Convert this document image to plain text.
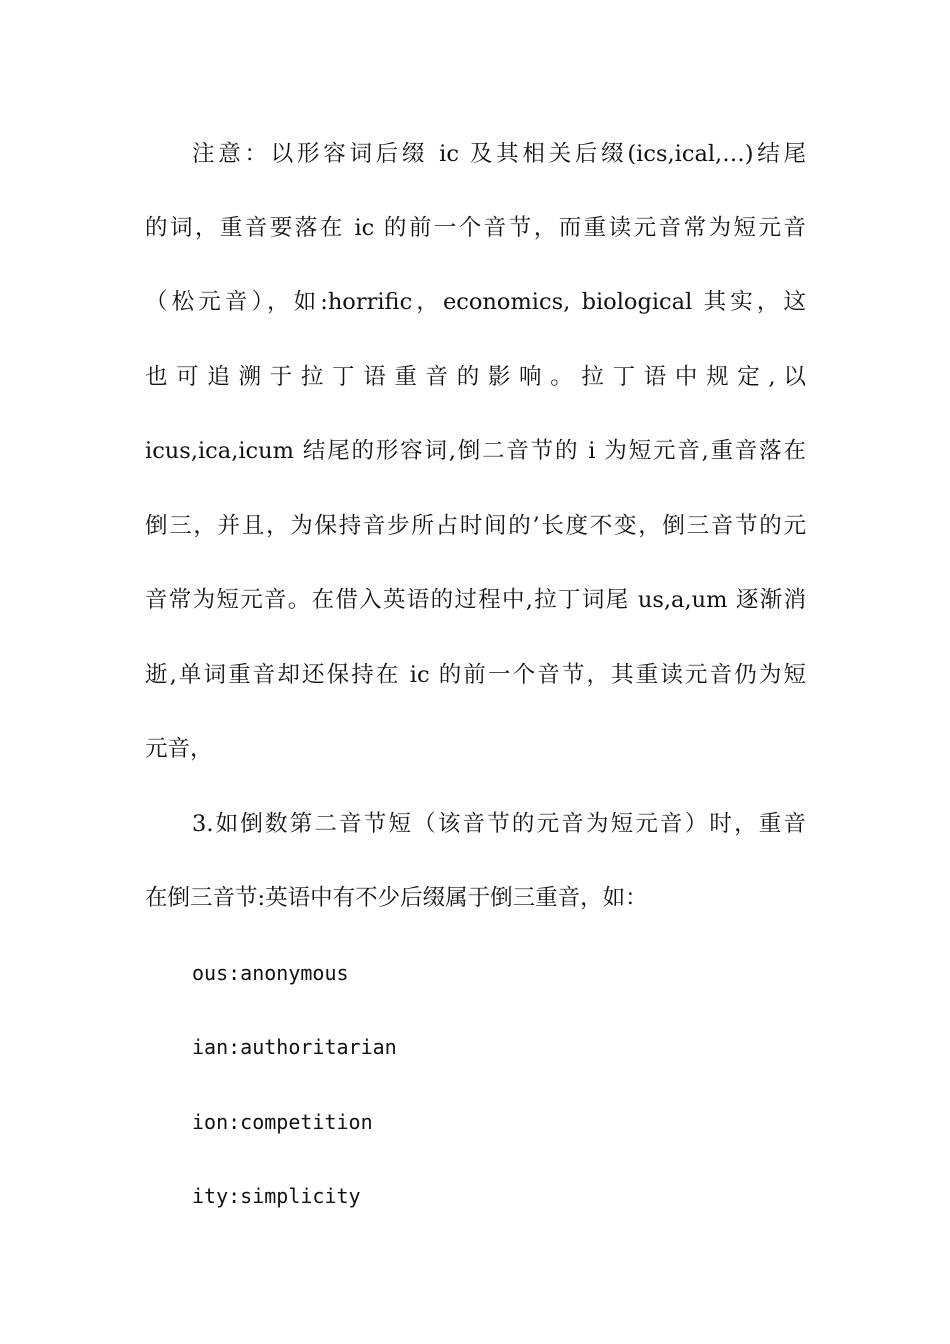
注意：以形容词后缀 ic 及其相关后缀(ics,ical,…)结尾
的词，重音要落在 ic 的前一个音节，而重读元音常为短元音
（松元音），如:horrific，economics, biological 其实，这
也 可 追 溯 于 拉 丁 语 重 音 的 影 响 。 拉 丁 语 中 规 定 , 以
icus,ica,icum 结尾的形容词,倒二音节的 i 为短元音,重音落在
倒三，并且，为保持音步所占时间的’长度不变，倒三音节的元
音常为短元音。在借入英语的过程中,拉丁词尾 us,a,um 逐渐消
逝,单词重音却还保持在 ic 的前一个音节，其重读元音仍为短
元音，
3.如倒数第二音节短（该音节的元音为短元音）时，重音
在倒三音节:英语中有不少后缀属于倒三重音，如：
ous:anonymous
ian:authoritarian
ion:competition
ity:simplicity
